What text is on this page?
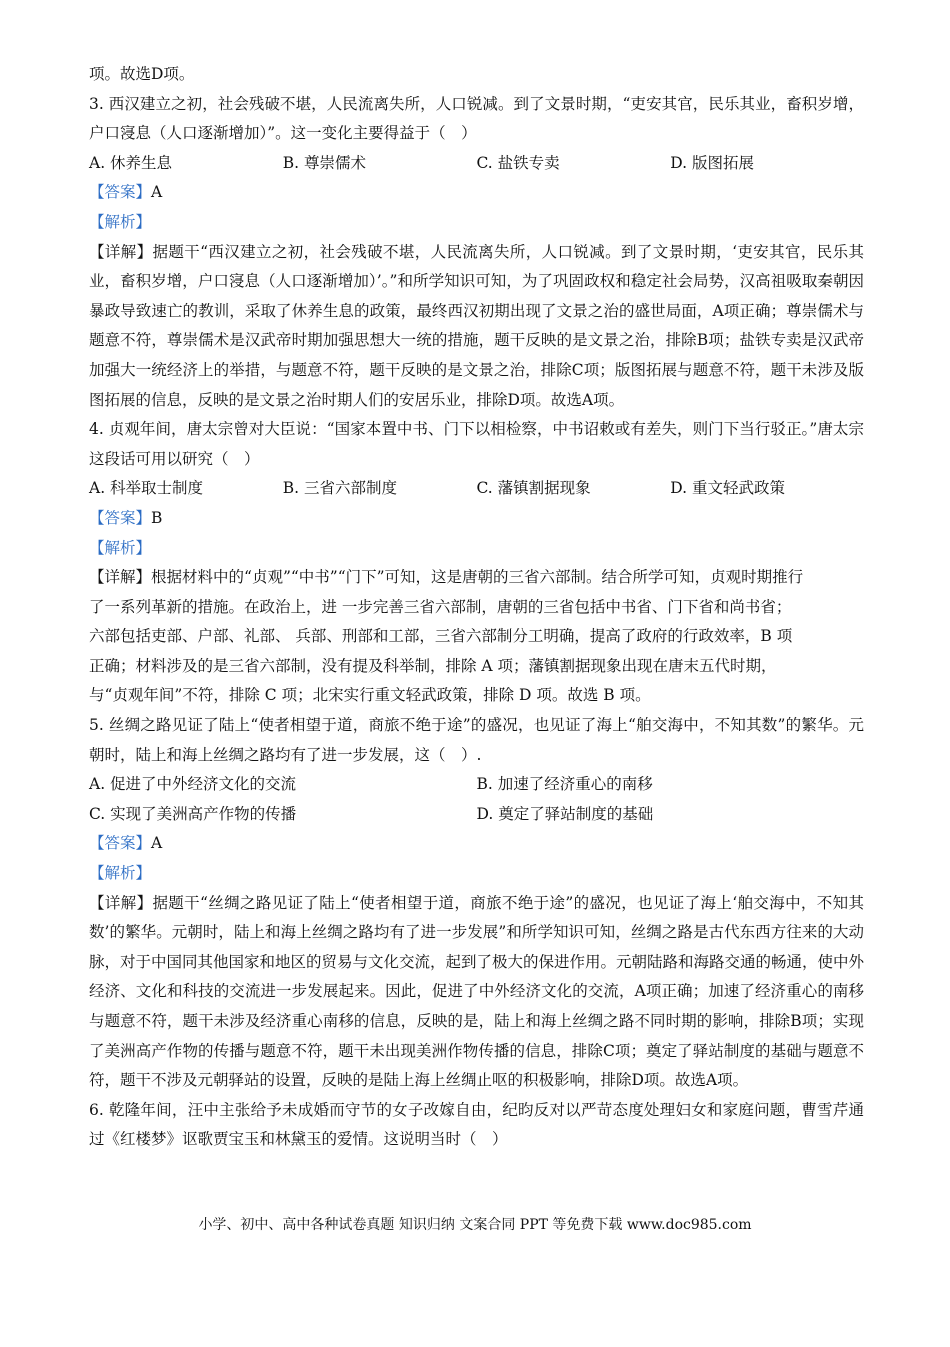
项。故选D项。
3. 西汉建立之初，社会残破不堪，人民流离失所，人口锐减。到了文景时期，“吏安其官，民乐其业，畜积岁增，户口寖息（人口逐渐增加）”。这一变化主要得益于（　）
A. 休养生息	B. 尊崇儒术	C. 盐铁专卖	D. 版图拓展
【答案】A
【解析】
【详解】据题干“西汉建立之初，社会残破不堪，人民流离失所，人口锐减。到了文景时期，‘吏安其官，民乐其业，畜积岁增，户口寖息（人口逐渐增加）’。”和所学知识可知，为了巩固政权和稳定社会局势，汉高祖吸取秦朝因暴政导致速亡的教训，采取了休养生息的政策，最终西汉初期出现了文景之治的盛世局面，A项正确；尊崇儒术与题意不符，尊崇儒术是汉武帝时期加强思想大一统的措施，题干反映的是文景之治，排除B项；盐铁专卖是汉武帝加强大一统经济上的举措，与题意不符，题干反映的是文景之治，排除C项；版图拓展与题意不符，题干未涉及版图拓展的信息，反映的是文景之治时期人们的安居乐业，排除D项。故选A项。
4. 贞观年间，唐太宗曾对大臣说：“国家本置中书、门下以相检察，中书诏敕或有差失，则门下当行驳正。”唐太宗这段话可用以研究（　）
A. 科举取士制度	B. 三省六部制度	C. 藩镇割据现象	D. 重文轻武政策
【答案】B
【解析】
【详解】根据材料中的“贞观”“中书”“门下”可知，这是唐朝的三省六部制。结合所学可知，贞观时期推行
了一系列革新的措施。在政治上，进 一步完善三省六部制，唐朝的三省包括中书省、门下省和尚书省；
六部包括吏部、户部、礼部、 兵部、刑部和工部，三省六部制分工明确，提高了政府的行政效率，B 项
正确；材料涉及的是三省六部制，没有提及科举制，排除 A 项；藩镇割据现象出现在唐末五代时期，
与“贞观年间”不符，排除 C 项；北宋实行重文轻武政策，排除 D 项。故选 B 项。
5. 丝绸之路见证了陆上“使者相望于道，商旅不绝于途”的盛况，也见证了海上“舶交海中，不知其数”的繁华。元朝时，陆上和海上丝绸之路均有了进一步发展，这（　）.
A. 促进了中外经济文化的交流	B. 加速了经济重心的南移
C. 实现了美洲高产作物的传播	D. 奠定了驿站制度的基础
【答案】A
【解析】
【详解】据题干“丝绸之路见证了陆上“使者相望于道，商旅不绝于途”的盛况，也见证了海上‘舶交海中，不知其数’的繁华。元朝时，陆上和海上丝绸之路均有了进一步发展”和所学知识可知，丝绸之路是古代东西方往来的大动脉，对于中国同其他国家和地区的贸易与文化交流，起到了极大的保进作用。元朝陆路和海路交通的畅通，使中外经济、文化和科技的交流进一步发展起来。因此，促进了中外经济文化的交流，A项正确；加速了经济重心的南移与题意不符，题干未涉及经济重心南移的信息，反映的是，陆上和海上丝绸之路不同时期的影响，排除B项；实现了美洲高产作物的传播与题意不符，题干未出现美洲作物传播的信息，排除C项；奠定了驿站制度的基础与题意不符，题干不涉及元朝驿站的设置，反映的是陆上海上丝绸止呕的积极影响，排除D项。故选A项。
6. 乾隆年间，汪中主张给予未成婚而守节的女子改嫁自由，纪昀反对以严苛态度处理妇女和家庭问题，曹雪芹通过《红楼梦》讴歌贾宝玉和林黛玉的爱情。这说明当时（　）
小学、初中、高中各种试卷真题 知识归纳 文案合同 PPT 等免费下载 www.doc985.com
